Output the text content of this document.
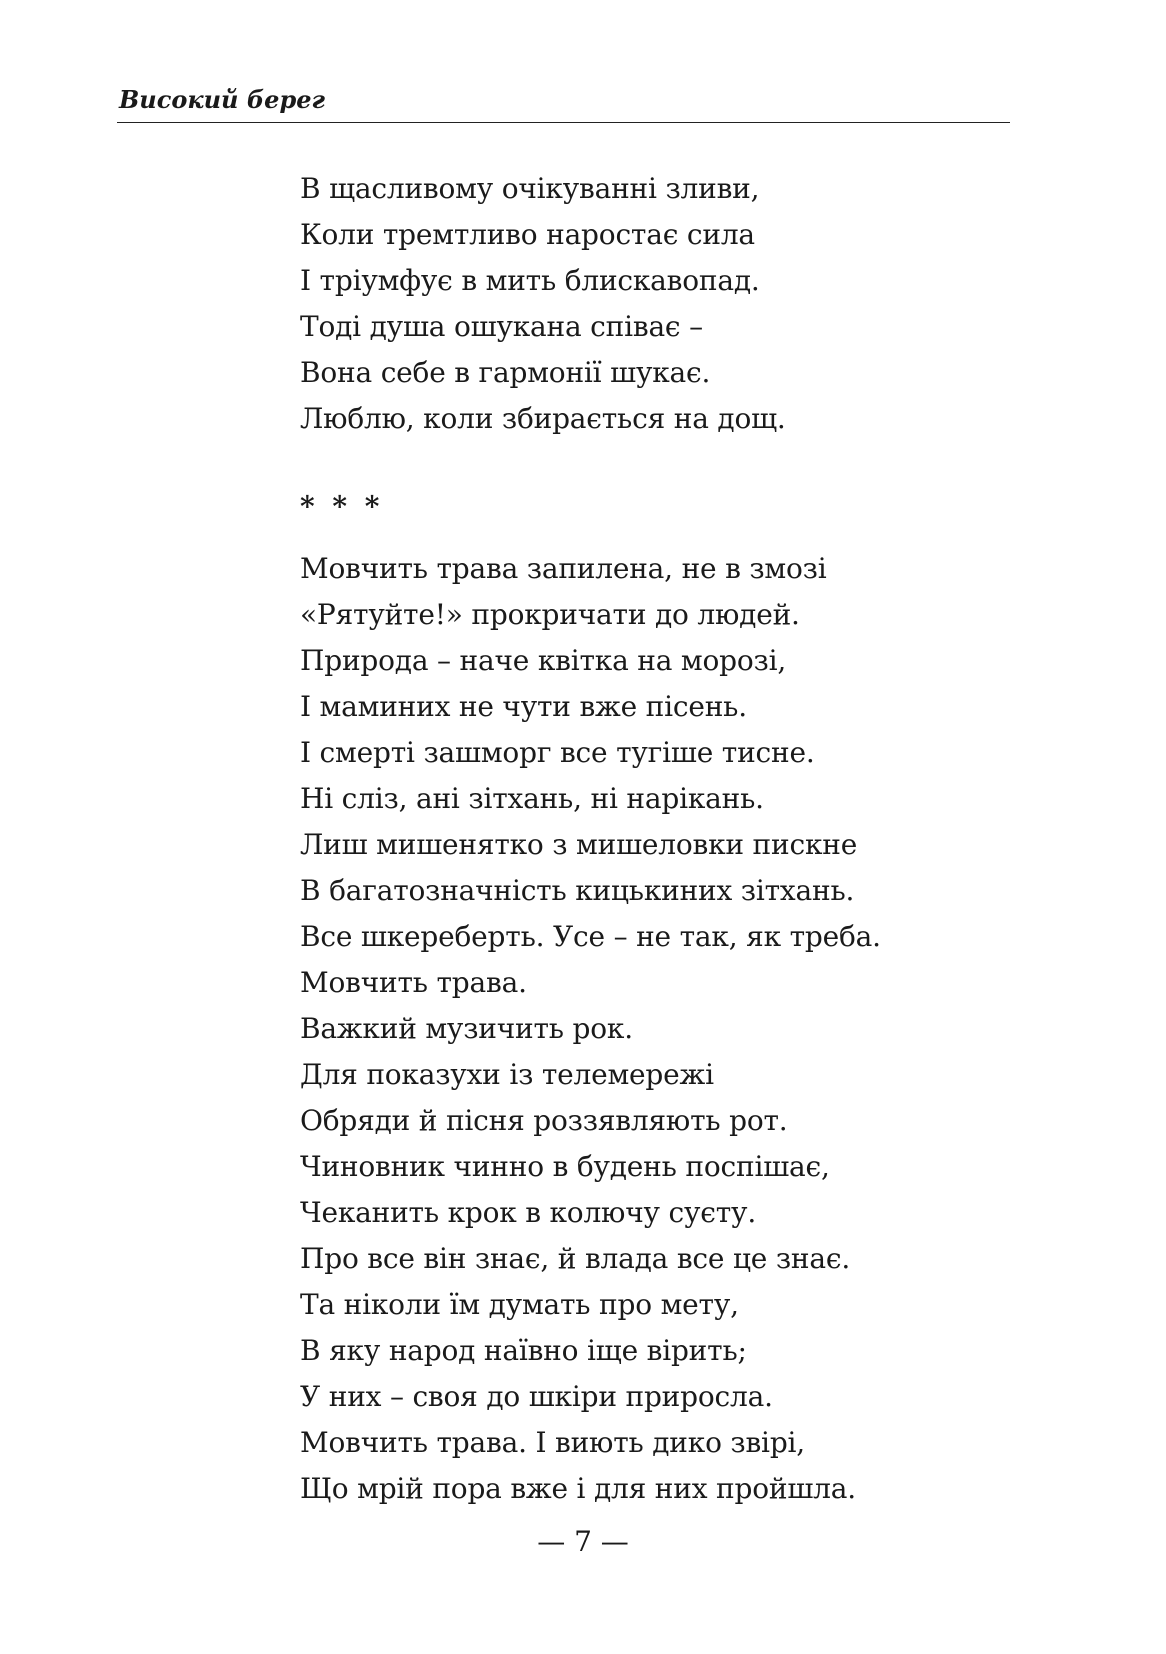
Високий берег

В щасливому очікуванні зливи,
Коли тремтливо наростає сила
І тріумфує в мить блискавопад.
Тоді душа ошукана співає –
Вона себе в гармонії шукає.
Люблю, коли збирається на дощ.
* * *
Мовчить трава запилена, не в змозі
«Рятуйте!» прокричати до людей.
Природа – наче квітка на морозі,
І маминих не чути вже пісень.
І смерті зашморг все тугіше тисне.
Ні сліз, ані зітхань, ні нарікань.
Лиш мишенятко з мишеловки пискне
В багатозначність кицькиних зітхань.
Все шкереберть. Усе – не так, як треба.
Мовчить трава.
Важкий музичить рок.
Для показухи із телемережі
Обряди й пісня роззявляють рот.
Чиновник чинно в будень поспішає,
Чеканить крок в колючу суєту.
Про все він знає, й влада все це знає.
Та ніколи їм думать про мету,
В яку народ наївно іще вірить;
У них – своя до шкіри приросла.
Мовчить трава. І виють дико звірі,
Що мрій пора вже і для них пройшла.
— 7 —
